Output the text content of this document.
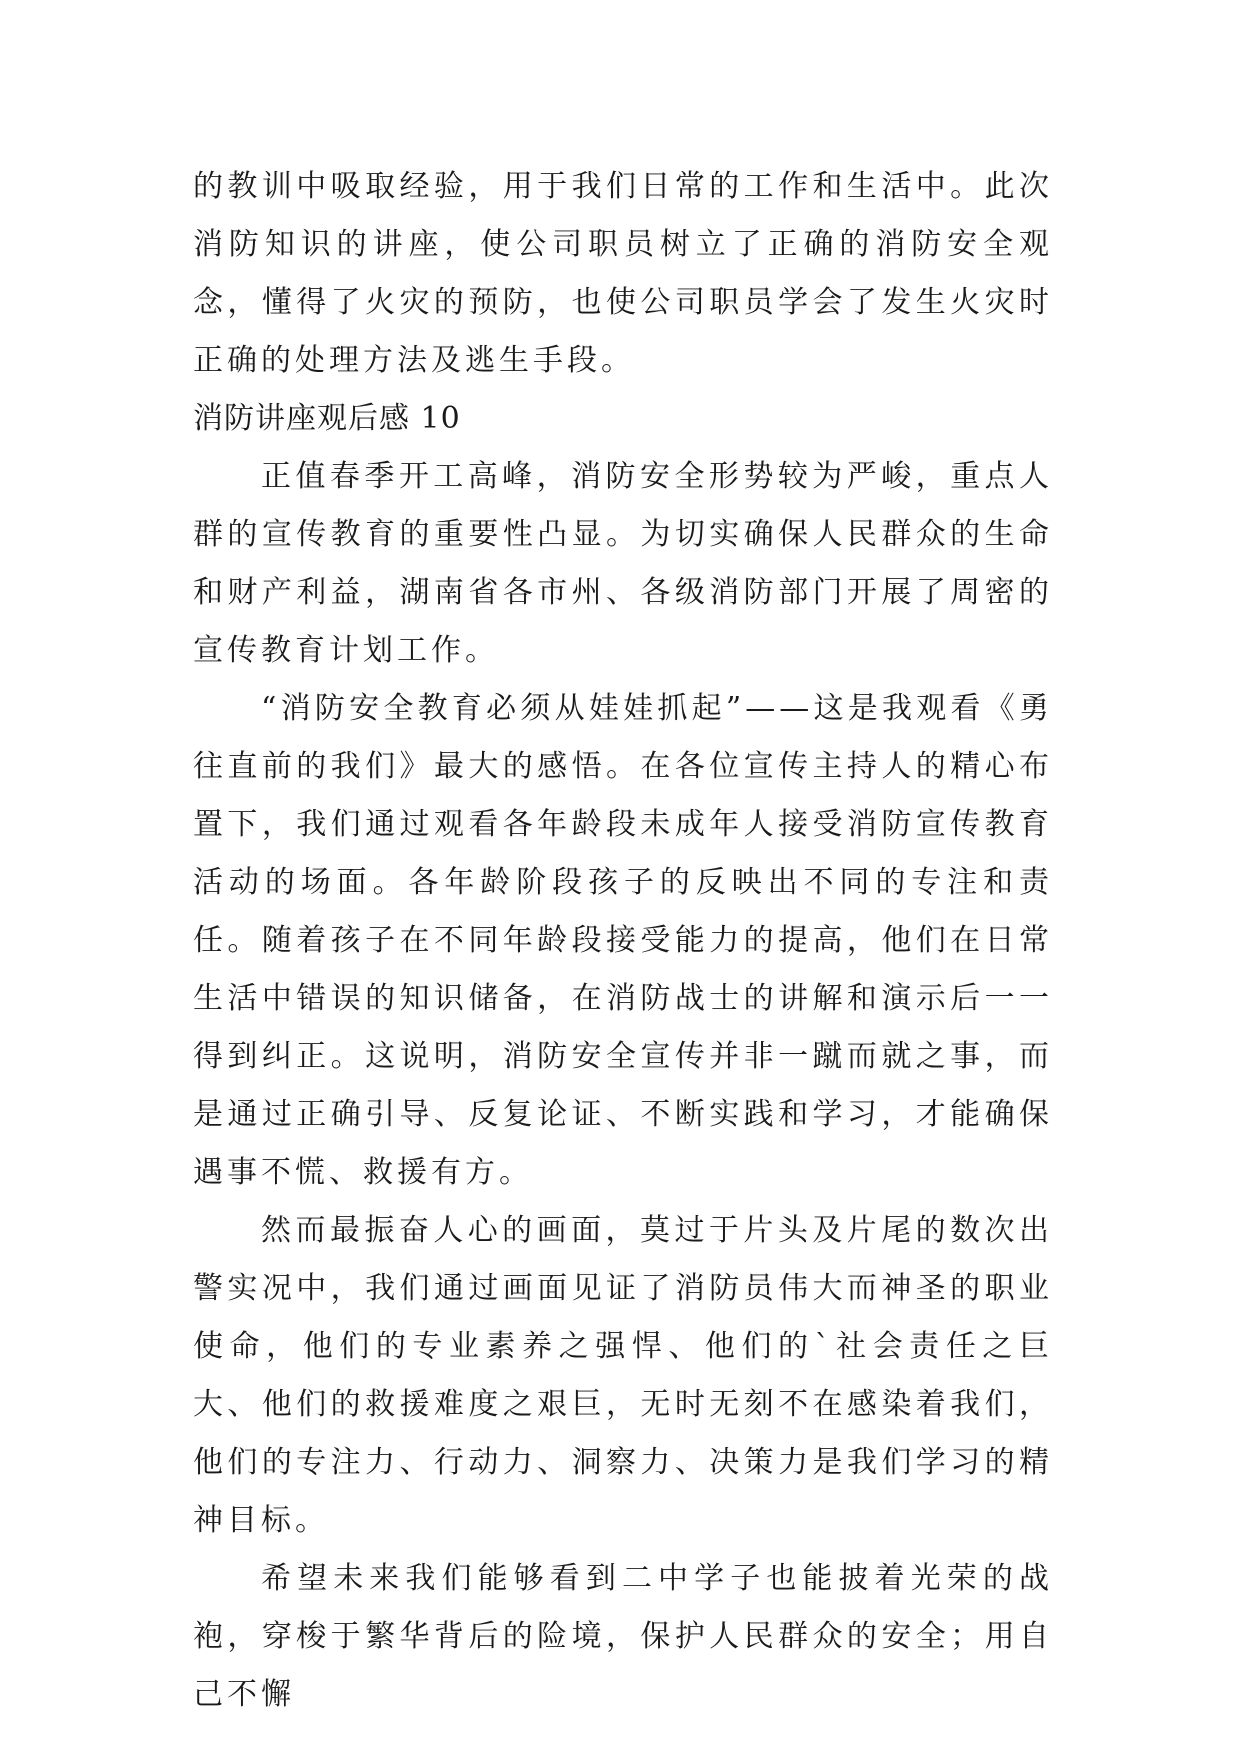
的教训中吸取经验，用于我们日常的工作和生活中。此次消防知识的讲座，使公司职员树立了正确的消防安全观念，懂得了火灾的预防，也使公司职员学会了发生火灾时正确的处理方法及逃生手段。

消防讲座观后感 10

正值春季开工高峰，消防安全形势较为严峻，重点人群的宣传教育的重要性凸显。为切实确保人民群众的生命和财产利益，湖南省各市州、各级消防部门开展了周密的宣传教育计划工作。

“消防安全教育必须从娃娃抓起”——这是我观看《勇往直前的我们》最大的感悟。在各位宣传主持人的精心布置下，我们通过观看各年龄段未成年人接受消防宣传教育活动的场面。各年龄阶段孩子的反映出不同的专注和责任。随着孩子在不同年龄段接受能力的提高，他们在日常生活中错误的知识储备，在消防战士的讲解和演示后一一得到纠正。这说明，消防安全宣传并非一蹴而就之事，而是通过正确引导、反复论证、不断实践和学习，才能确保遇事不慌、救援有方。

然而最振奋人心的画面，莫过于片头及片尾的数次出警实况中，我们通过画面见证了消防员伟大而神圣的职业使命，他们的专业素养之强悍、他们的`社会责任之巨大、他们的救援难度之艰巨，无时无刻不在感染着我们，他们的专注力、行动力、洞察力、决策力是我们学习的精神目标。

希望未来我们能够看到二中学子也能披着光荣的战袍，穿梭于繁华背后的险境，保护人民群众的安全；用自己不懈
